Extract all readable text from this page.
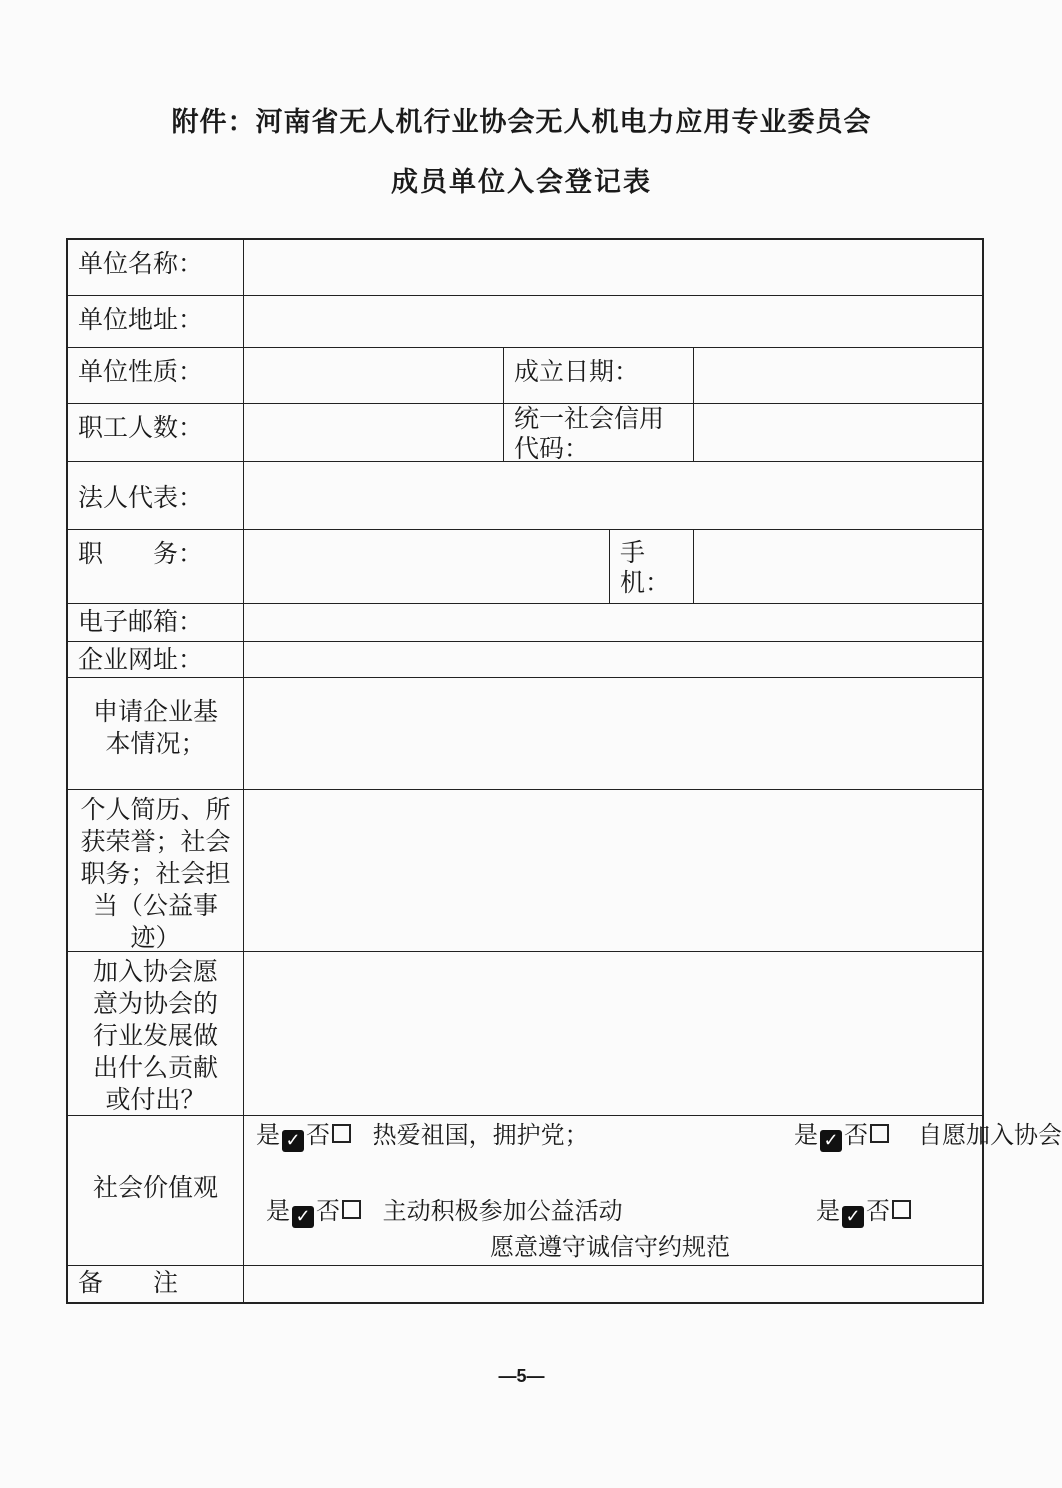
附件：河南省无人机行业协会无人机电力应用专业委员会
成员单位入会登记表
单位名称：
单位地址：
单位性质：	成立日期：
职工人数：	统一社会信用代码：
法人代表：
职　　务：	手机：
电子邮箱：
企业网址：
申请企业基本情况；
个人简历、所获荣誉；社会职务；社会担当（公益事迹）
加入协会愿意为协会的行业发展做出什么贡献或付出？
社会价值观
是 ✓ 否 热爱祖国，拥护党；	是 ✓ 否	自愿加入协会
是 ✓ 否 主动积极参加公益活动	是 ✓ 否
愿意遵守诚信守约规范
备　　注
—5—
